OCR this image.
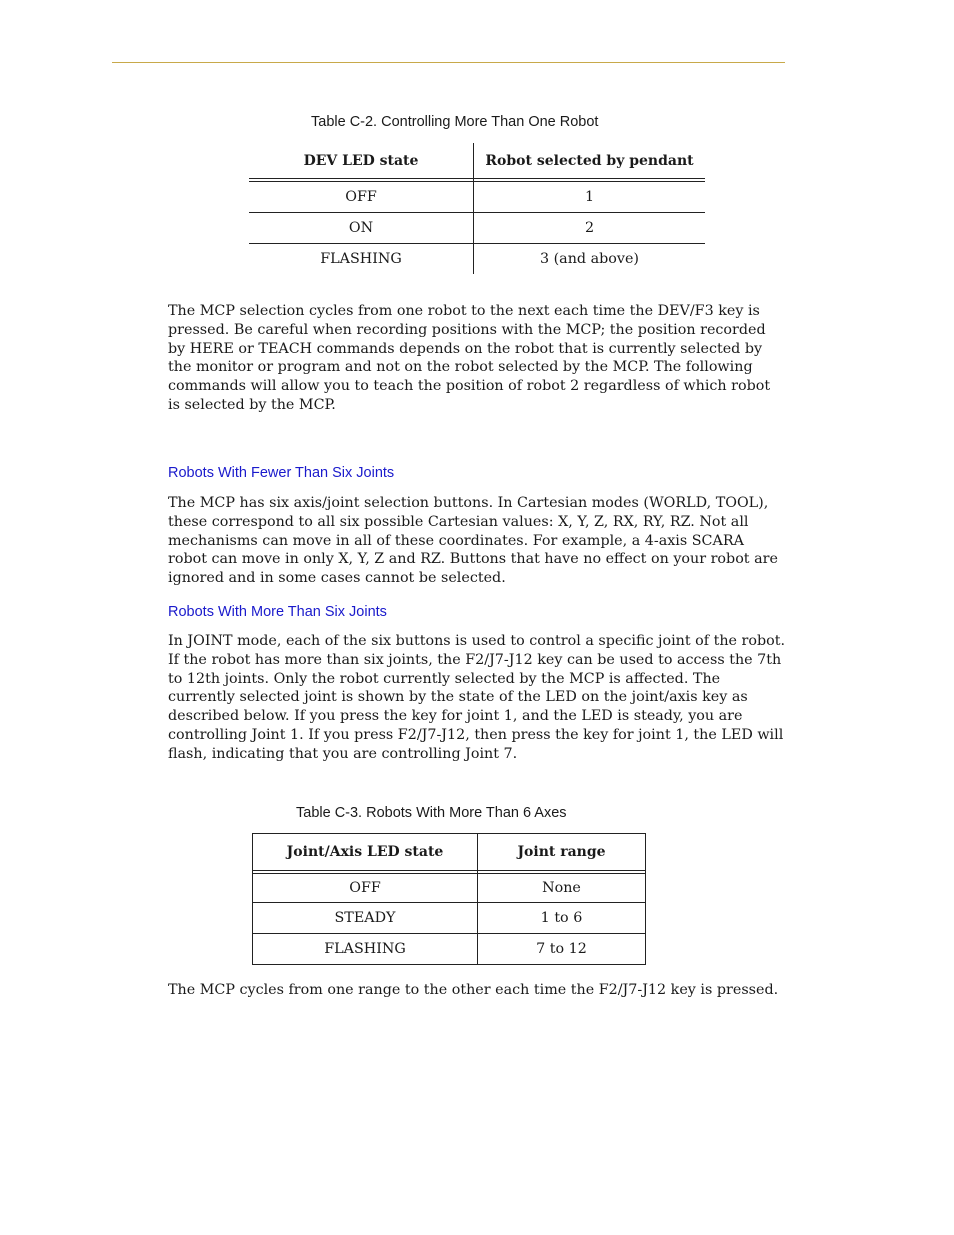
Table C-2. Controlling More Than One Robot
DEV LED state	Robot selected by pendant
OFF	1
ON	2
FLASHING	3 (and above)

The MCP selection cycles from one robot to the next each time the DEV/F3 key is pressed. Be careful when recording positions with the MCP; the position recorded by HERE or TEACH commands depends on the robot that is currently selected by the monitor or program and not on the robot selected by the MCP. The following commands will allow you to teach the position of robot 2 regardless of which robot is selected by the MCP.

Robots With Fewer Than Six Joints

The MCP has six axis/joint selection buttons. In Cartesian modes (WORLD, TOOL), these correspond to all six possible Cartesian values: X, Y, Z, RX, RY, RZ. Not all mechanisms can move in all of these coordinates. For example, a 4-axis SCARA robot can move in only X, Y, Z and RZ. Buttons that have no effect on your robot are ignored and in some cases cannot be selected.

Robots With More Than Six Joints

In JOINT mode, each of the six buttons is used to control a specific joint of the robot. If the robot has more than six joints, the F2/J7-J12 key can be used to access the 7th to 12th joints. Only the robot currently selected by the MCP is affected. The currently selected joint is shown by the state of the LED on the joint/axis key as described below. If you press the key for joint 1, and the LED is steady, you are controlling Joint 1. If you press F2/J7-J12, then press the key for joint 1, the LED will flash, indicating that you are controlling Joint 7.

Table C-3. Robots With More Than 6 Axes
Joint/Axis LED state	Joint range
OFF	None
STEADY	1 to 6
FLASHING	7 to 12

The MCP cycles from one range to the other each time the F2/J7-J12 key is pressed.
